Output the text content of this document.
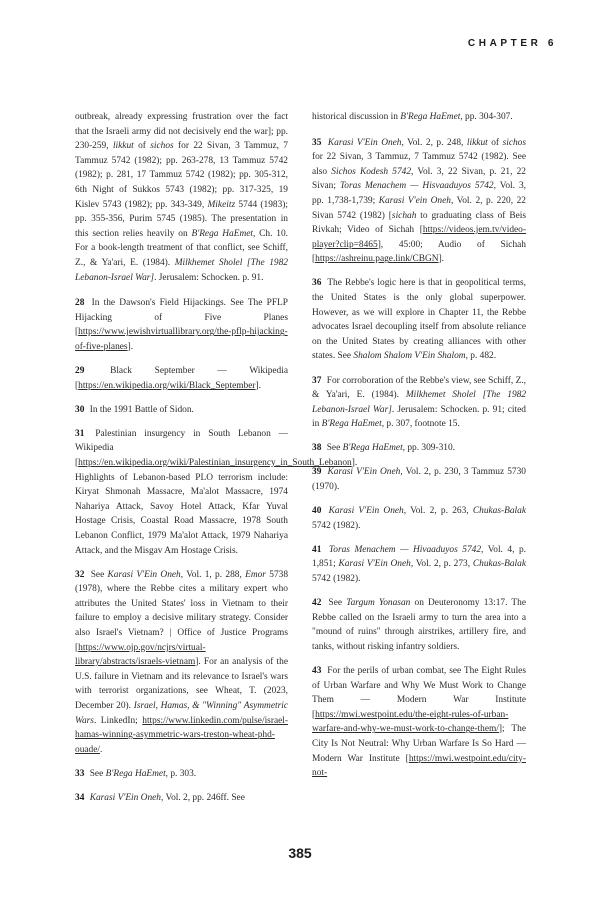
CHAPTER 6

outbreak, already expressing frustration over the fact that the Israeli army did not decisively end the war]; pp. 230-259, likkut of sichos for 22 Sivan, 3 Tammuz, 7 Tammuz 5742 (1982); pp. 263-278, 13 Tammuz 5742 (1982); p. 281, 17 Tammuz 5742 (1982); pp. 305-312, 6th Night of Sukkos 5743 (1982); pp. 317-325, 19 Kislev 5743 (1982); pp. 343-349, Mikeitz 5744 (1983); pp. 355-356, Purim 5745 (1985). The presentation in this section relies heavily on B'Rega HaEmet, Ch. 10. For a book-length treatment of that conflict, see Schiff, Z., & Ya'ari, E. (1984). Milkhemet Sholel [The 1982 Lebanon-Israel War]. Jerusalem: Schocken. p. 91.

28 In the Dawson's Field Hijackings. See The PFLP Hijacking of Five Planes [https://www.jewishvirtuallibrary.org/the-pflp-hijacking-of-five-planes].

29	Black September — Wikipedia [https://en.wikipedia.org/wiki/Black_September].

30 In the 1991 Battle of Sidon.

31 Palestinian insurgency in South Lebanon — Wikipedia [https://en.wikipedia.org/wiki/Palestinian_insurgency_in_South_Lebanon]. Highlights of Lebanon-based PLO terrorism include: Kiryat Shmonah Massacre, Ma'alot Massacre, 1974 Nahariya Attack, Savoy Hotel Attack, Kfar Yuval Hostage Crisis, Coastal Road Massacre, 1978 South Lebanon Conflict, 1979 Ma'alot Attack, 1979 Nahariya Attack, and the Misgav Am Hostage Crisis.

32 See Karasi V'Ein Oneh, Vol. 1, p. 288, Emor 5738 (1978), where the Rebbe cites a military expert who attributes the United States' loss in Vietnam to their failure to employ a decisive military strategy. Consider also Israel's Vietnam? | Office of Justice Programs [https://www.ojp.gov/ncjrs/virtual-library/abstracts/israels-vietnam]. For an analysis of the U.S. failure in Vietnam and its relevance to Israel's wars with terrorist organizations, see Wheat, T. (2023, December 20). Israel, Hamas, & "Winning" Asymmetric Wars. LinkedIn; https://www.linkedin.com/pulse/israel-hamas-winning-asymmetric-wars-treston-wheat-phd-ouade/.

33 See B'Rega HaEmet, p. 303.

34 Karasi V'Ein Oneh, Vol. 2, pp. 246ff. See

historical discussion in B'Rega HaEmet, pp. 304-307.

35 Karasi V'Ein Oneh, Vol. 2, p. 248, likkut of sichos for 22 Sivan, 3 Tammuz, 7 Tammuz 5742 (1982). See also Sichos Kodesh 5742, Vol. 3, 22 Sivan, p. 21, 22 Sivan; Toras Menachem — Hisvaaduyos 5742, Vol. 3, pp. 1,738-1,739; Karasi V'ein Oneh, Vol. 2, p. 220, 22 Sivan 5742 (1982) [sichah to graduating class of Beis Rivkah; Video of Sichah [https://videos.jem.tv/video-player?clip=8465], 45:00; Audio of Sichah [https://ashreinu.page.link/CBGN].

36 The Rebbe's logic here is that in geopolitical terms, the United States is the only global superpower. However, as we will explore in Chapter 11, the Rebbe advocates Israel decoupling itself from absolute reliance on the United States by creating alliances with other states. See Shalom Shalom V'Ein Shalom, p. 482.

37 For corroboration of the Rebbe's view, see Schiff, Z., & Ya'ari, E. (1984). Milkhemet Sholel [The 1982 Lebanon-Israel War]. Jerusalem: Schocken. p. 91; cited in B'Rega HaEmet, p. 307, footnote 15.

38 See B'Rega HaEmet, pp. 309-310.

39 Karasi V'Ein Oneh, Vol. 2, p. 230, 3 Tammuz 5730 (1970).

40 Karasi V'Ein Oneh, Vol. 2, p. 263, Chukas-Balak 5742 (1982).

41 Toras Menachem — Hivaaduyos 5742, Vol. 4, p. 1,851; Karasi V'Ein Oneh, Vol. 2, p. 273, Chukas-Balak 5742 (1982).

42 See Targum Yonasan on Deuteronomy 13:17. The Rebbe called on the Israeli army to turn the area into a "mound of ruins" through airstrikes, artillery fire, and tanks, without risking infantry soldiers.

43 For the perils of urban combat, see The Eight Rules of Urban Warfare and Why We Must Work to Change Them — Modern War Institute [https://mwi.westpoint.edu/the-eight-rules-of-urban-warfare-and-why-we-must-work-to-change-them/]; The City Is Not Neutral: Why Urban Warfare Is So Hard — Modern War Institute [https://mwi.westpoint.edu/city-not-

385
